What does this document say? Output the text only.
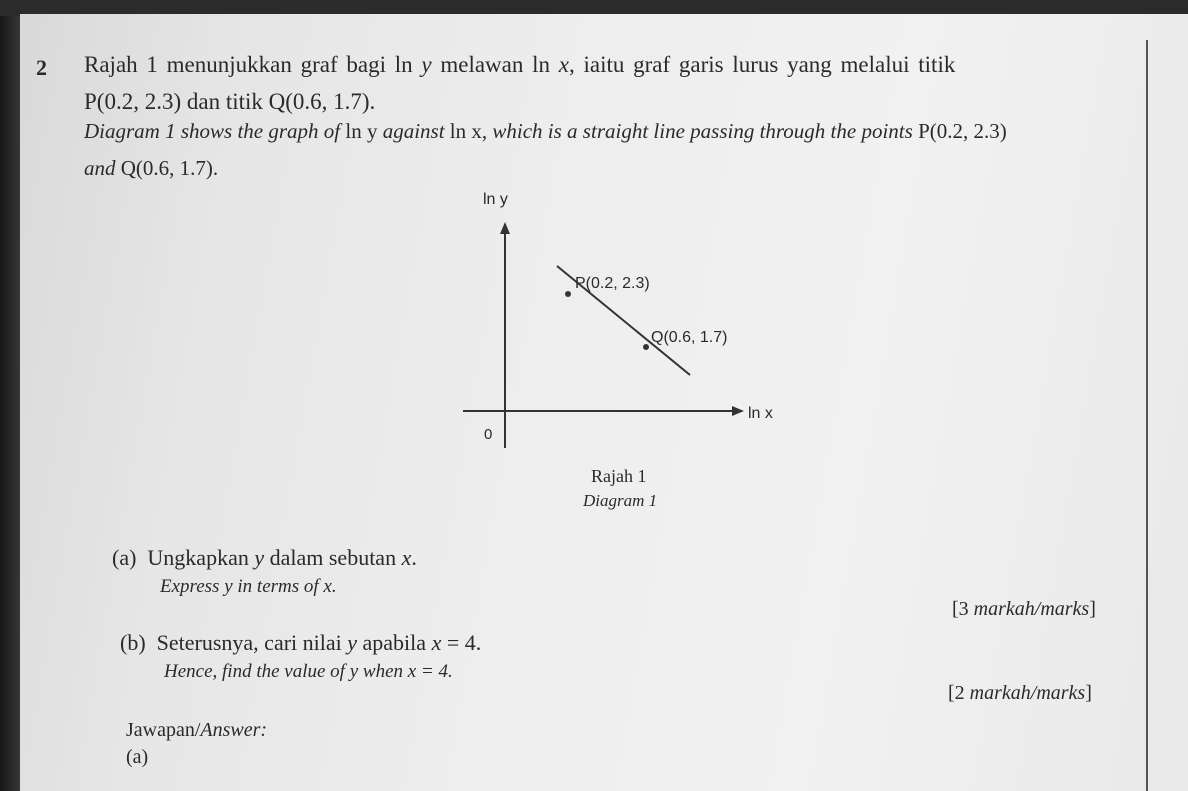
2 Rajah 1 menunjukkan graf bagi ln y melawan ln x, iaitu graf garis lurus yang melalui titik
P(0.2, 2.3) dan titik Q(0.6, 1.7).
Diagram 1 shows the graph of ln y against ln x, which is a straight line passing through the points P(0.2, 2.3)
and Q(0.6, 1.7).
ln y
ln x
0
P(0.2, 2.3)
Q(0.6, 1.7)
Rajah 1
Diagram 1
(a) Ungkapkan y dalam sebutan x.
Express y in terms of x.
[3 markah/marks]
(b) Seterusnya, cari nilai y apabila x = 4.
Hence, find the value of y when x = 4.
[2 markah/marks]
Jawapan/Answer:
(a)
